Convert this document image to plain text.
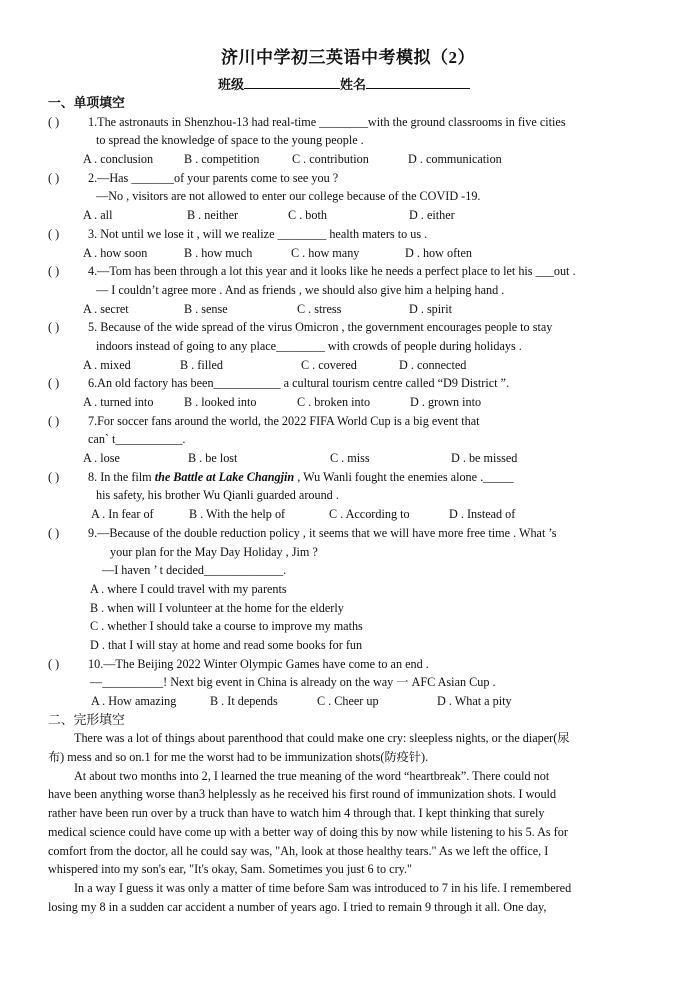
济川中学初三英语中考模拟（2）
班级	姓名
一、单项填空
( ) 1.The astronauts in Shenzhou-13 had real-time ________with the ground classrooms in five cities
to spread the knowledge of space to the young people .
A . conclusion	B . competition	C . contribution	D . communication
( ) 2.—Has _______of your parents come to see you ?
—No , visitors are not allowed to enter our college because of the COVID -19.
A . all	B . neither	C . both	D . either
( ) 3. Not until we lose it , will we realize ________ health maters to us .
A . how soon	B . how much	C . how many	D . how often
( ) 4.—Tom has been through a lot this year and it looks like he needs a perfect place to let his ___out .
— I couldn’t agree more . And as friends , we should also give him a helping hand .
A . secret	B . sense	C . stress	D . spirit
( ) 5. Because of the wide spread of the virus Omicron , the government encourages people to stay
indoors instead of going to any place________ with crowds of people during holidays .
A . mixed	B . filled	C . covered	D . connected
( ) 6.An old factory has been___________ a cultural tourism centre called “D9 District ”.
A . turned into	B . looked into	C . broken into	D . grown into
( ) 7.For soccer fans around the world, the 2022 FIFA World Cup is a big event that
can` t___________.
A . lose	B . be lost	C . miss	D . be missed
( ) 8. In the film the Battle at Lake Changjin , Wu Wanli fought the enemies alone ._____
his safety, his brother Wu Qianli guarded around .
A . In fear of	B . With the help of	C . According to	D . Instead of
( ) 9.—Because of the double reduction policy , it seems that we will have more free time . What ’s
your plan for the May Day Holiday , Jim ?
—I haven ’ t decided_____________.
A . where I could travel with my parents
B . when will I volunteer at the home for the elderly
C . whether I should take a course to improve my maths
D . that I will stay at home and read some books for fun
( ) 10.—The Beijing 2022 Winter Olympic Games have come to an end .
—__________! Next big event in China is already on the way 一 AFC Asian Cup .
A . How amazing	B . It depends	C . Cheer up	D . What a pity
二、完形填空
There was a lot of things about parenthood that could make one cry: sleepless nights, or the diaper(尿
布) mess and so on.1 for me the worst had to be immunization shots(防疫针).
At about two months into 2, I learned the true meaning of the word “heartbreak”. There could not
have been anything worse than3 helplessly as he received his first round of immunization shots. I would
rather have been run over by a truck than have to watch him 4 through that. I kept thinking that surely
medical science could have come up with a better way of doing this by now while listening to his 5. As for
comfort from the doctor, all he could say was, "Ah, look at those healthy tears." As we left the office, I
whispered into my son's ear, "It's okay, Sam. Sometimes you just 6 to cry."
In a way I guess it was only a matter of time before Sam was introduced to 7 in his life. I remembered
losing my 8 in a sudden car accident a number of years ago. I tried to remain 9 through it all. One day,
